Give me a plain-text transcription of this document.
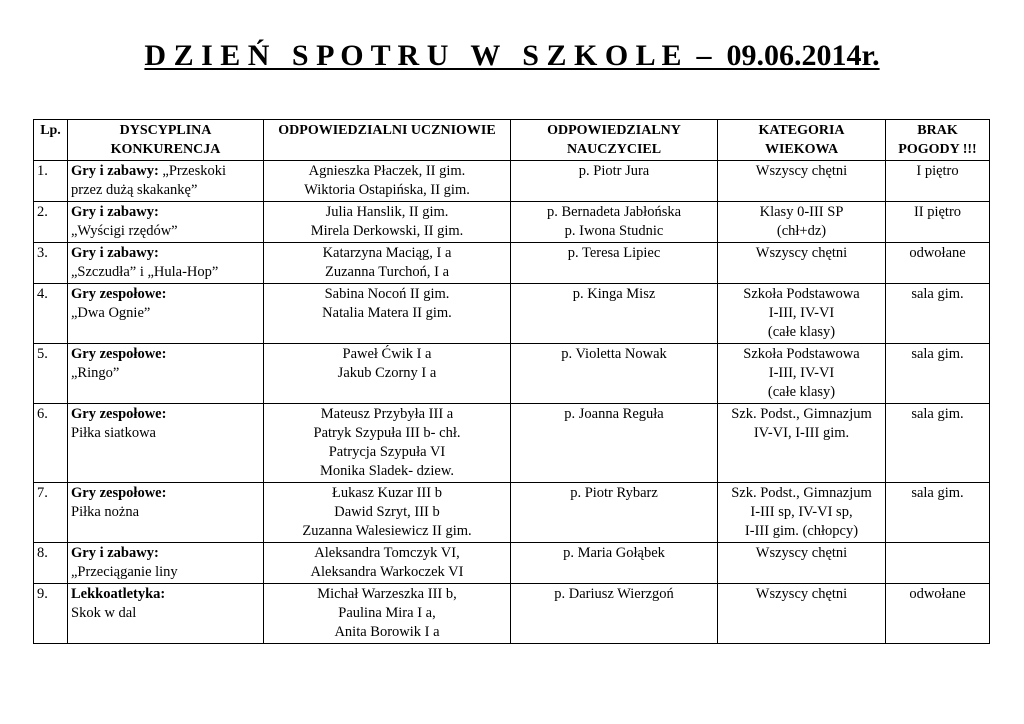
D Z I E Ń   S P O T R U   W   S Z K O L E  –  09.06.2014r.
Lp.	DYSCYPLINA
KONKURENCJA	ODPOWIEDZIALNI UCZNIOWIE	ODPOWIEDZIALNY
NAUCZYCIEL	KATEGORIA
WIEKOWA	BRAK
POGODY !!!
1.	Gry i zabawy: „Przeskoki przez dużą skakankę”	Agnieszka Płaczek, II gim.
Wiktoria Ostapińska, II gim.	p. Piotr Jura	Wszyscy chętni	I piętro
2.	Gry i zabawy:
„Wyścigi rzędów”	Julia Hanslik, II gim.
Mirela Derkowski, II gim.	p. Bernadeta Jabłońska
p. Iwona Studnic	Klasy 0-III SP
(chł+dz)	II piętro
3.	Gry i zabawy:
„Szczudła” i „Hula-Hop”	Katarzyna Maciąg, I a
Zuzanna Turchoń, I a	p. Teresa Lipiec	Wszyscy chętni	odwołane
4.	Gry zespołowe:
„Dwa Ognie”	Sabina Nocoń II gim.
Natalia Matera II gim.	p. Kinga Misz	Szkoła Podstawowa
I-III, IV-VI
(całe klasy)	sala gim.
5.	Gry zespołowe:
„Ringo”	Paweł Ćwik I a
Jakub Czorny I a	p. Violetta Nowak	Szkoła Podstawowa
I-III, IV-VI
(całe klasy)	sala gim.
6.	Gry zespołowe:
Piłka siatkowa	Mateusz Przybyła III a
Patryk Szypuła III b- chł.
Patrycja Szypuła VI
Monika Sladek- dziew.	p. Joanna Reguła	Szk. Podst., Gimnazjum
IV-VI, I-III gim.	sala gim.
7.	Gry zespołowe:
Piłka nożna	Łukasz Kuzar III b
Dawid Szryt, III b
Zuzanna Walesiewicz II gim.	p. Piotr Rybarz	Szk. Podst., Gimnazjum
I-III sp, IV-VI sp,
I-III gim. (chłopcy)	sala gim.
8.	Gry i zabawy:
„Przeciąganie liny	Aleksandra Tomczyk VI,
Aleksandra Warkoczek VI	p. Maria Gołąbek	Wszyscy chętni	
9.	Lekkoatletyka:
Skok w dal	Michał Warzeszka III b,
Paulina Mira I a,
Anita Borowik I a	p. Dariusz Wierzgoń	Wszyscy chętni	odwołane
